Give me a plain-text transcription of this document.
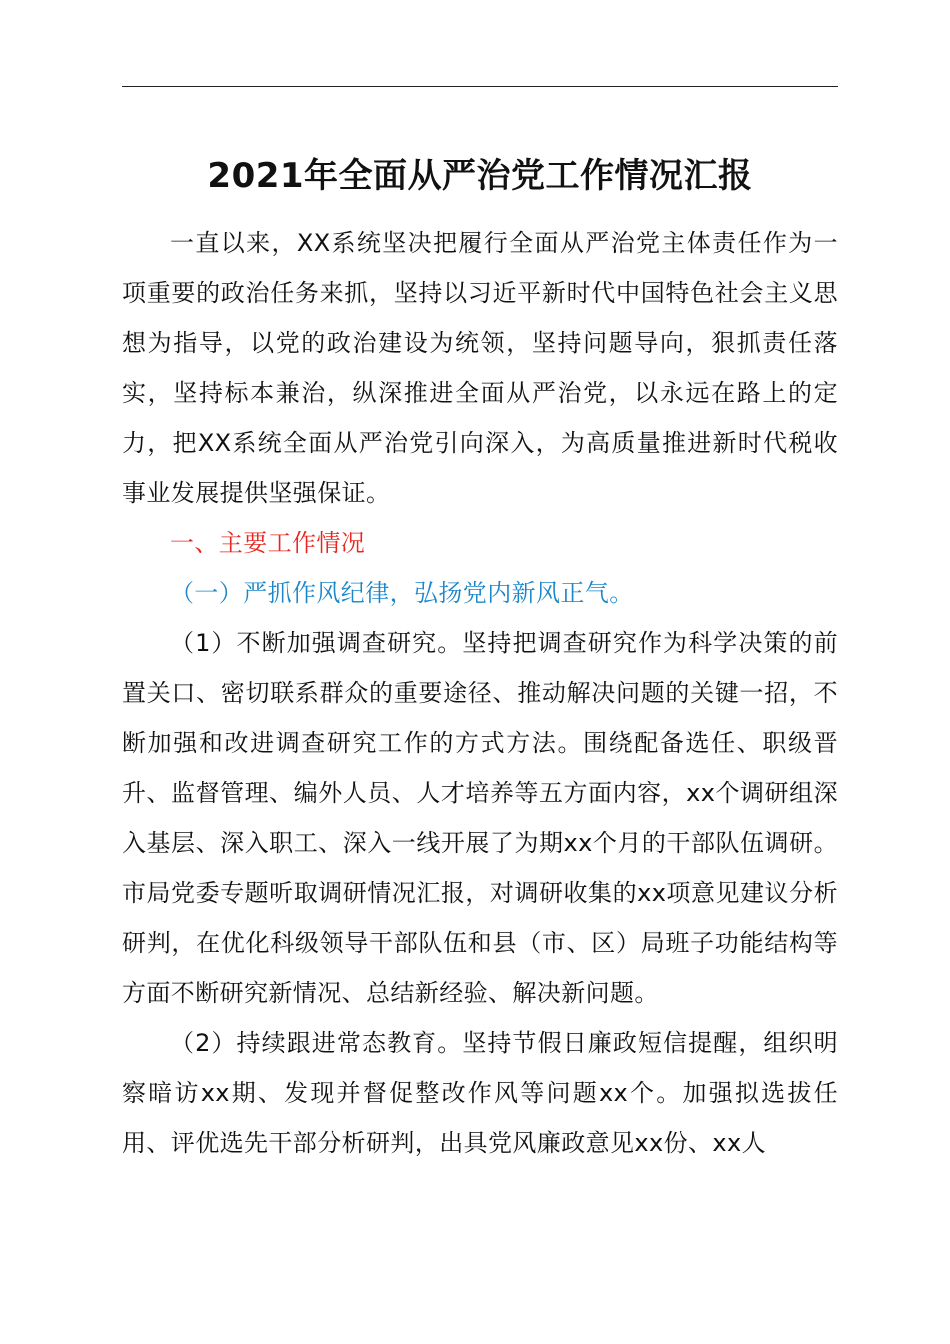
2021年全面从严治党工作情况汇报

一直以来，XX系统坚决把履行全面从严治党主体责任作为一项重要的政治任务来抓，坚持以习近平新时代中国特色社会主义思想为指导，以党的政治建设为统领，坚持问题导向，狠抓责任落实，坚持标本兼治，纵深推进全面从严治党，以永远在路上的定力，把XX系统全面从严治党引向深入，为高质量推进新时代税收事业发展提供坚强保证。

一、主要工作情况

（一）严抓作风纪律，弘扬党内新风正气。

（1）不断加强调查研究。坚持把调查研究作为科学决策的前置关口、密切联系群众的重要途径、推动解决问题的关键一招，不断加强和改进调查研究工作的方式方法。围绕配备选任、职级晋升、监督管理、编外人员、人才培养等五方面内容，xx个调研组深入基层、深入职工、深入一线开展了为期xx个月的干部队伍调研。市局党委专题听取调研情况汇报，对调研收集的xx项意见建议分析研判，在优化科级领导干部队伍和县（市、区）局班子功能结构等方面不断研究新情况、总结新经验、解决新问题。

（2）持续跟进常态教育。坚持节假日廉政短信提醒，组织明察暗访xx期、发现并督促整改作风等问题xx个。加强拟选拔任用、评优选先干部分析研判，出具党风廉政意见xx份、xx人
